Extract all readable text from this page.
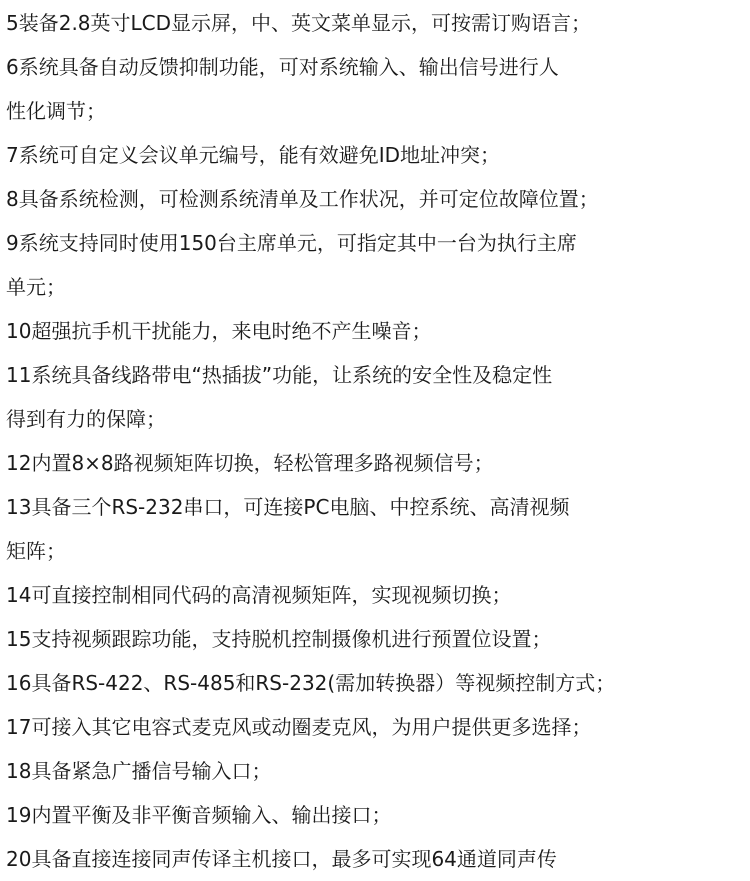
5装备2.8英寸LCD显示屏，中、英文菜单显示，可按需订购语言；
6系统具备自动反馈抑制功能，可对系统输入、输出信号进行人
性化调节；
7系统可自定义会议单元编号，能有效避免ID地址冲突；
8具备系统检测，可检测系统清单及工作状况，并可定位故障位置；
9系统支持同时使用150台主席单元，可指定其中一台为执行主席
单元；
10超强抗手机干扰能力，来电时绝不产生噪音；
11系统具备线路带电“热插拔”功能，让系统的安全性及稳定性
得到有力的保障；
12内置8×8路视频矩阵切换，轻松管理多路视频信号；
13具备三个RS-232串口，可连接PC电脑、中控系统、高清视频
矩阵；
14可直接控制相同代码的高清视频矩阵，实现视频切换；
15支持视频跟踪功能，支持脱机控制摄像机进行预置位设置；
16具备RS-422、RS-485和RS-232(需加转换器）等视频控制方式；
17可接入其它电容式麦克风或动圈麦克风，为用户提供更多选择；
18具备紧急广播信号输入口；
19内置平衡及非平衡音频输入、输出接口；
20具备直接连接同声传译主机接口，最多可实现64通道同声传
